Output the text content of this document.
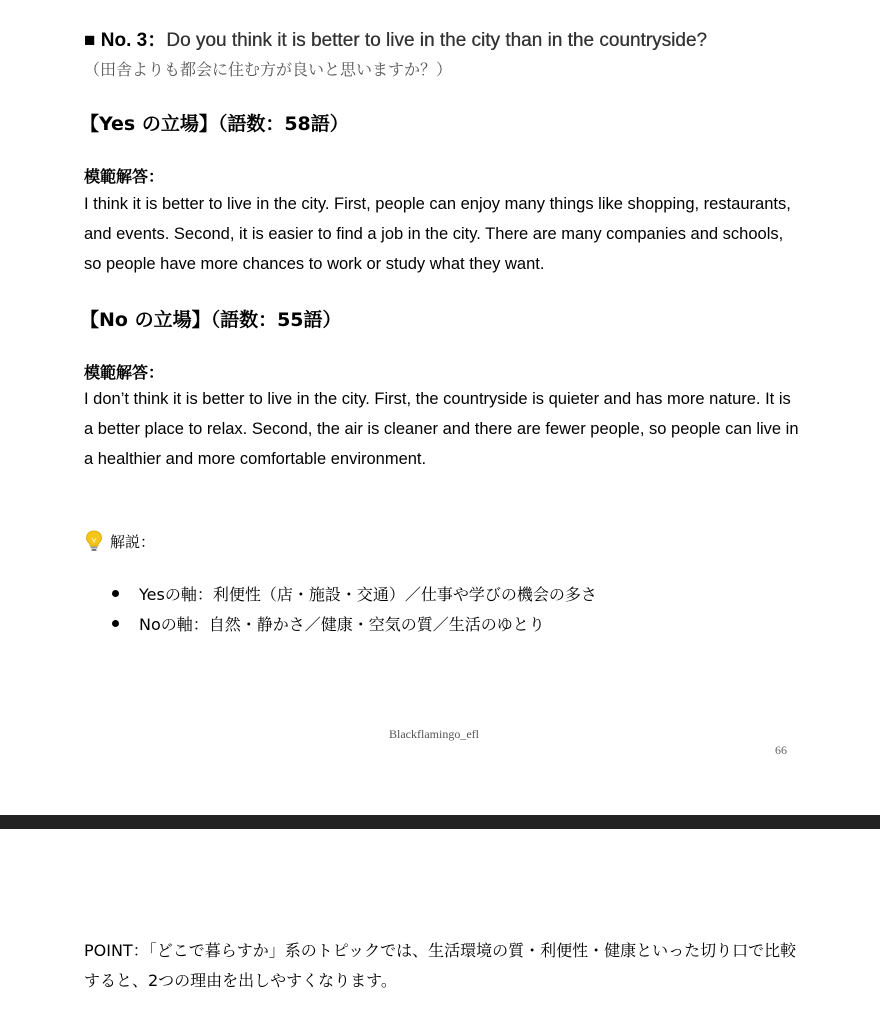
■ No. 3：Do you think it is better to live in the city than in the countryside?

（田舎よりも都会に住む方が良いと思いますか？）

【Yes の立場】（語数：58語）

模範解答：

I think it is better to live in the city. First, people can enjoy many things like shopping, restaurants, and events. Second, it is easier to find a job in the city. There are many companies and schools, so people have more chances to work or study what they want.

【No の立場】（語数：55語）

模範解答：

I don’t think it is better to live in the city. First, the countryside is quieter and has more nature. It is a better place to relax. Second, the air is cleaner and there are fewer people, so people can live in a healthier and more comfortable environment.

解説：
Yesの軸：利便性（店・施設・交通）／仕事や学びの機会の多さ
Noの軸：自然・静かさ／健康・空気の質／生活のゆとり

Blackflamingo_efl

66

POINT：「どこで暮らすか」系のトピックでは、生活環境の質・利便性・健康といった切り口で比較すると、2つの理由を出しやすくなります。
